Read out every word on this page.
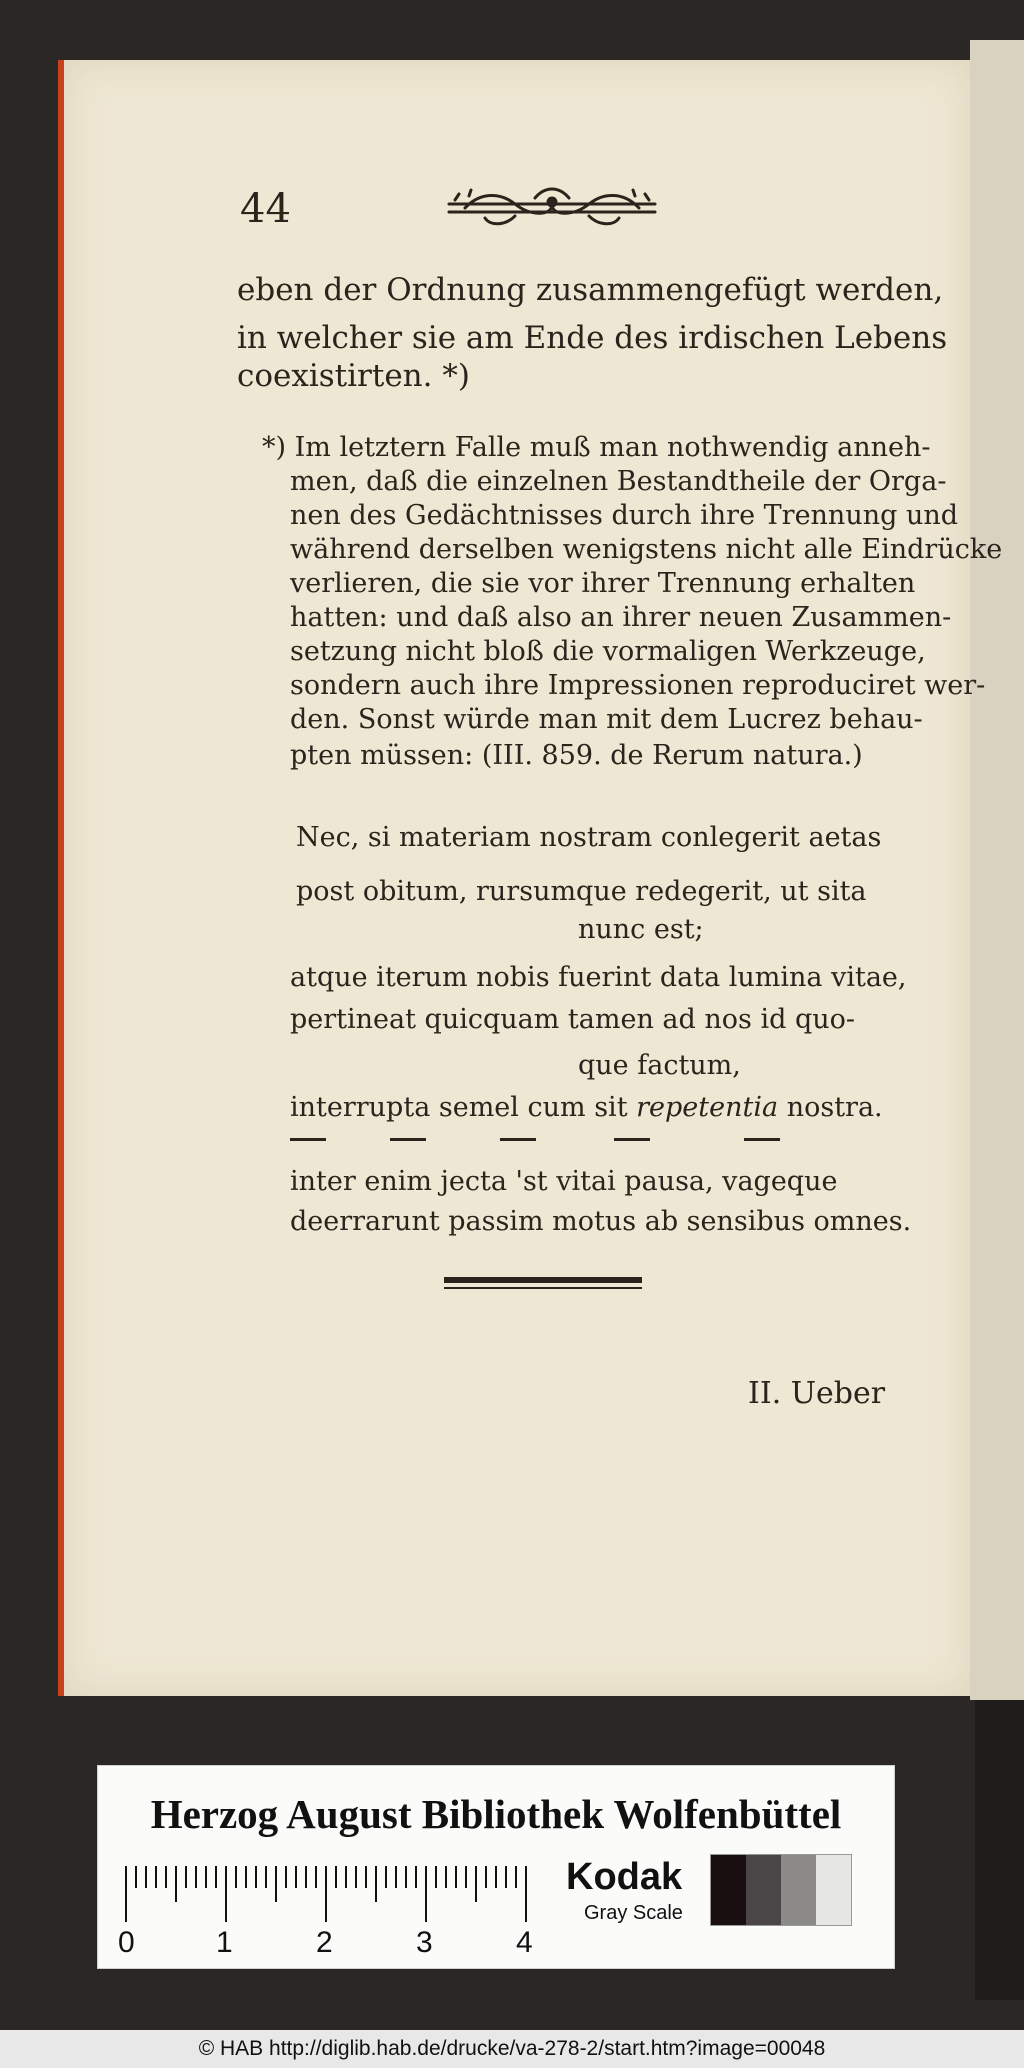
44
eben der Ordnung zusammengefügt werden,
in welcher sie am Ende des irdischen Lebens
coexistirten. *)
*) Im letztern Falle muß man nothwendig anneh-
men, daß die einzelnen Bestandtheile der Orga-
nen des Gedächtnisses durch ihre Trennung und
während derselben wenigstens nicht alle Eindrücke
verlieren, die sie vor ihrer Trennung erhalten
hatten: und daß also an ihrer neuen Zusammen-
setzung nicht bloß die vormaligen Werkzeuge,
sondern auch ihre Impressionen reproduciret wer-
den. Sonst würde man mit dem Lucrez behau-
pten müssen: (III. 859. de Rerum natura.)
Nec, si materiam nostram conlegerit aetas
post obitum, rursumque redegerit, ut sita
nunc est;
atque iterum nobis fuerint data lumina vitae,
pertineat quicquam tamen ad nos id quo-
que factum,
interrupta semel cum sit repetentia nostra.
inter enim jecta 'st vitai pausa, vageque
deerrarunt passim motus ab sensibus omnes.
II. Ueber
Herzog August Bibliothek Wolfenbüttel
0	1	2	3	4
Kodak
Gray Scale
© HAB http://diglib.hab.de/drucke/va-278-2/start.htm?image=00048
